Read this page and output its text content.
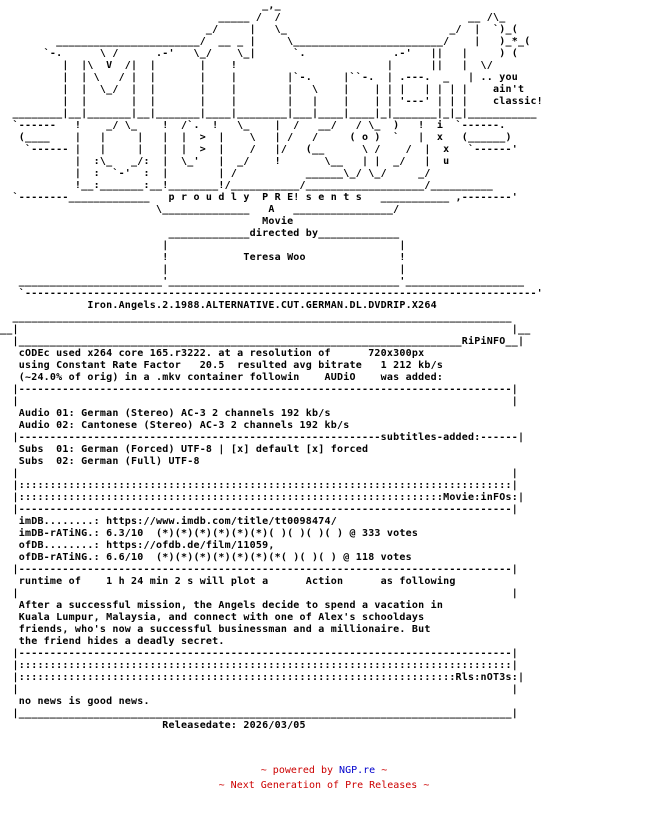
_,_
_____ /  /                              __ /\_
_/     |   \_                          _/  |  `)_(
_______________________/  __ _ |     \________________________/    |   )_*_(
`-.      \ /      .-'   \_/    \_|      `.              .-'   ||   |     ) (
|  |\  V  /|  |       |    !                        |      ||   |  \/
|  | \   / |  |       |    |        |`-.     |``-.  | .---.  _   | .. you
|  |  \_/  |  |       |    |        |   \    |    | | |   | | | |    ain't
|  |       |  |       |    |        |   |    |    | | '---' | | |    classic!
________|__|_______|__|_______|____|________|___|____|____|_|_______|_|_|___________
`------   !    _/ \_    !  /`.  !   \_    |  /   __/   / \_  )   !  i  `------.
(____    |   |     |   |  |  >  |    \   | /   /     ( o )  `   |  x   (______)
`------ |   |     |   |  |  >  |    /   |/   (__      \ /    /  |  x   `------'
|  :\_   _/:  |  \_'   |  _/    !       \__   | |  _/   |  u
|  :  `-'  :  |        | /           ______\_/ \_/     _/
!__:_______:__!________!/___________/___________________/__________
`--------_____________   p r o u d l y  P R E! s e n t s   ___________ ,--------'
\______________   A   ________________/
Movie
_____________directed by_____________
|                                     |
!            Teresa Woo               !
|                                     |
_______________________'_____________________________________'___________________
`----------------------------------------------------------------------------------'
Iron.Angels.2.1988.ALTERNATIVE.CUT.GERMAN.DL.DVDRIP.X264
________________________________________________________________________________
__|                                                                               |__
|_______________________________________________________________________RiPiNFO__|
cODEc used x264 core 165.r3222. at a resolution of      720x300px
using Constant Rate Factor   20.5  resulted avg bitrate   1 212 kb/s
(~24.0% of orig) in a .mkv container followin    AUDiO    was added:
|-------------------------------------------------------------------------------|
|                                                                               |
Audio 01: German (Stereo) AC-3 2 channels 192 kb/s
Audio 02: Cantonese (Stereo) AC-3 2 channels 192 kb/s
|----------------------------------------------------------subtitles-added:------|
Subs  01: German (Forced) UTF-8 | [x] default [x] forced
Subs  02: German (Full) UTF-8
|                                                                               |
|:::::::::::::::::::::::::::::::::::::::::::::::::::::::::::::::::::::::::::::::|
|::::::::::::::::::::::::::::::::::::::::::::::::::::::::::::::::::::Movie:inFOs:|
|-------------------------------------------------------------------------------|
imDB........: https://www.imdb.com/title/tt0098474/
imDB-rATiNG.: 6.3/10  (*)(*)(*)(*)(*)(*)( )( )( )( ) @ 333 votes
ofDB........: https://ofdb.de/film/11059,
ofDB-rATiNG.: 6.6/10  (*)(*)(*)(*)(*)(*)(*( )( )( ) @ 118 votes
|-------------------------------------------------------------------------------|
runtime of    1 h 24 min 2 s will plot a      Action      as following
|                                                                               |
After a successful mission, the Angels decide to spend a vacation in
Kuala Lumpur, Malaysia, and connect with one of Alex's schooldays
friends, who's now a successful businessman and a millionaire. But
the friend hides a deadly secret.
|-------------------------------------------------------------------------------|
|:::::::::::::::::::::::::::::::::::::::::::::::::::::::::::::::::::::::::::::::|
|::::::::::::::::::::::::::::::::::::::::::::::::::::::::::::::::::::::Rls:nOT3s:|
|                                                                               |
no news is good news.
|_______________________________________________________________________________|
Releasedate: 2026/03/05
~ powered by NGP.re ~
~ Next Generation of Pre Releases ~
